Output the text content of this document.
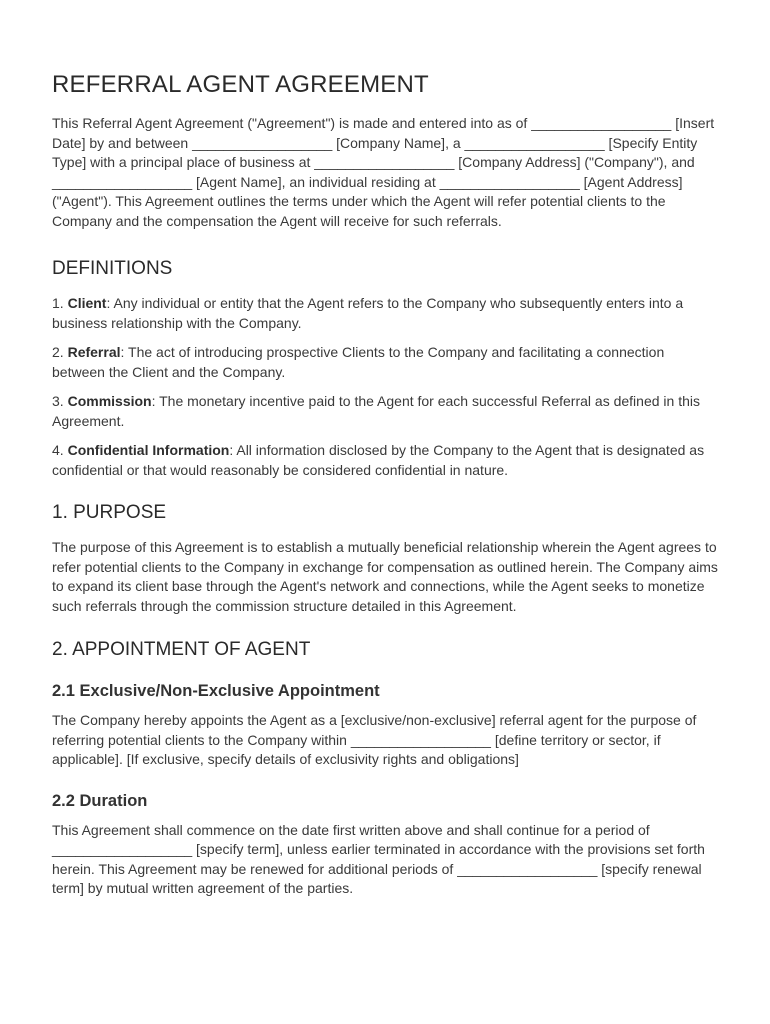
REFERRAL AGENT AGREEMENT

This Referral Agent Agreement ("Agreement") is made and entered into as of __________________ [Insert Date] by and between __________________ [Company Name], a __________________ [Specify Entity Type] with a principal place of business at __________________ [Company Address] ("Company"), and __________________ [Agent Name], an individual residing at __________________ [Agent Address] ("Agent"). This Agreement outlines the terms under which the Agent will refer potential clients to the Company and the compensation the Agent will receive for such referrals.

DEFINITIONS

1. Client: Any individual or entity that the Agent refers to the Company who subsequently enters into a business relationship with the Company.

2. Referral: The act of introducing prospective Clients to the Company and facilitating a connection between the Client and the Company.

3. Commission: The monetary incentive paid to the Agent for each successful Referral as defined in this Agreement.

4. Confidential Information: All information disclosed by the Company to the Agent that is designated as confidential or that would reasonably be considered confidential in nature.

1. PURPOSE

The purpose of this Agreement is to establish a mutually beneficial relationship wherein the Agent agrees to refer potential clients to the Company in exchange for compensation as outlined herein. The Company aims to expand its client base through the Agent's network and connections, while the Agent seeks to monetize such referrals through the commission structure detailed in this Agreement.

2. APPOINTMENT OF AGENT
2.1 Exclusive/Non-Exclusive Appointment

The Company hereby appoints the Agent as a [exclusive/non-exclusive] referral agent for the purpose of referring potential clients to the Company within __________________ [define territory or sector, if applicable]. [If exclusive, specify details of exclusivity rights and obligations]

2.2 Duration

This Agreement shall commence on the date first written above and shall continue for a period of __________________ [specify term], unless earlier terminated in accordance with the provisions set forth herein. This Agreement may be renewed for additional periods of __________________ [specify renewal term] by mutual written agreement of the parties.
